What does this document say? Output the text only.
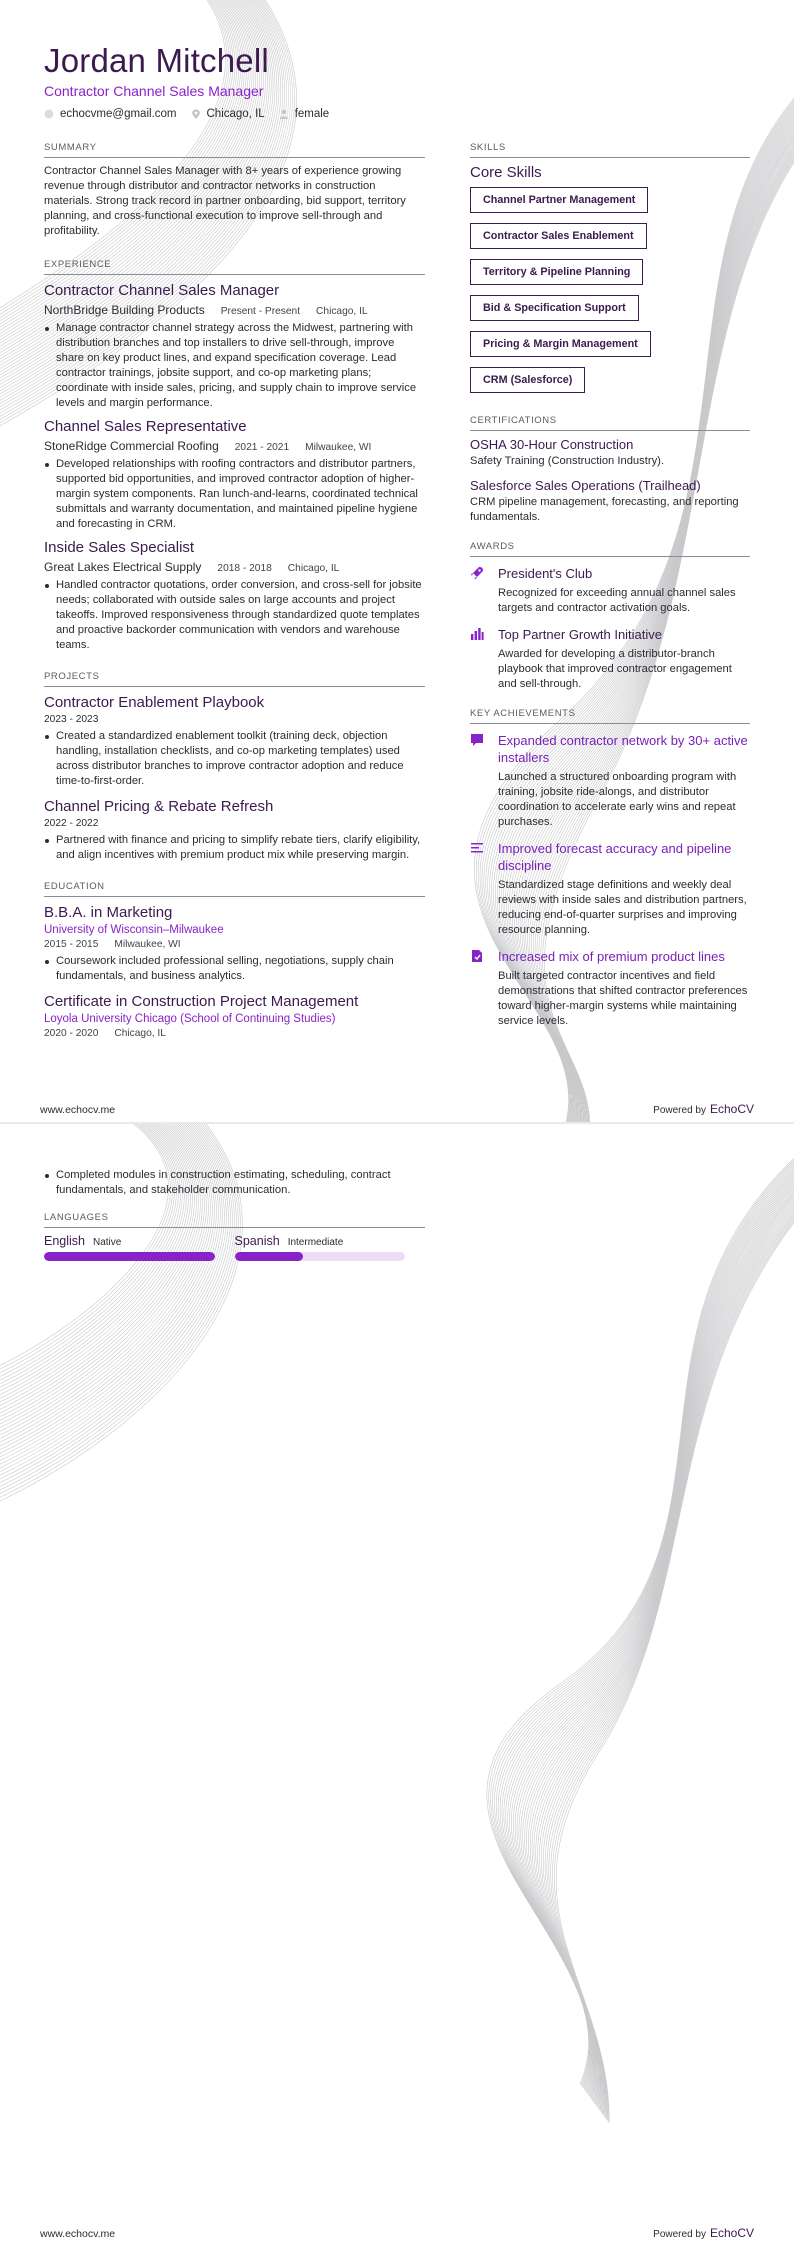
Jordan Mitchell
Contractor Channel Sales Manager
echocvme@gmail.com	Chicago, IL	female
SUMMARY
Contractor Channel Sales Manager with 8+ years of experience growing revenue through distributor and contractor networks in construction materials. Strong track record in partner onboarding, bid support, territory planning, and cross-functional execution to improve sell-through and profitability.
EXPERIENCE
Contractor Channel Sales Manager
NorthBridge Building Products Present - Present Chicago, IL
Manage contractor channel strategy across the Midwest, partnering with distribution branches and top installers to drive sell-through, improve share on key product lines, and expand specification coverage. Lead contractor trainings, jobsite support, and co-op marketing plans; coordinate with inside sales, pricing, and supply chain to improve service levels and margin performance.
Channel Sales Representative
StoneRidge Commercial Roofing 2021 - 2021 Milwaukee, WI
Developed relationships with roofing contractors and distributor partners, supported bid opportunities, and improved contractor adoption of higher-margin system components. Ran lunch-and-learns, coordinated technical submittals and warranty documentation, and maintained pipeline hygiene and forecasting in CRM.
Inside Sales Specialist
Great Lakes Electrical Supply 2018 - 2018 Chicago, IL
Handled contractor quotations, order conversion, and cross-sell for jobsite needs; collaborated with outside sales on large accounts and project takeoffs. Improved responsiveness through standardized quote templates and proactive backorder communication with vendors and warehouse teams.
PROJECTS
Contractor Enablement Playbook
2023 - 2023
Created a standardized enablement toolkit (training deck, objection handling, installation checklists, and co-op marketing templates) used across distributor branches to improve contractor adoption and reduce time-to-first-order.
Channel Pricing & Rebate Refresh
2022 - 2022
Partnered with finance and pricing to simplify rebate tiers, clarify eligibility, and align incentives with premium product mix while preserving margin.
EDUCATION
B.B.A. in Marketing
University of Wisconsin–Milwaukee
2015 - 2015 Milwaukee, WI
Coursework included professional selling, negotiations, supply chain fundamentals, and business analytics.
Certificate in Construction Project Management
Loyola University Chicago (School of Continuing Studies)
2020 - 2020 Chicago, IL
SKILLS
Core Skills
Channel Partner Management
Contractor Sales Enablement
Territory & Pipeline Planning
Bid & Specification Support
Pricing & Margin Management
CRM (Salesforce)
CERTIFICATIONS
OSHA 30-Hour Construction
Safety Training (Construction Industry).
Salesforce Sales Operations (Trailhead)
CRM pipeline management, forecasting, and reporting fundamentals.
AWARDS
President's Club
Recognized for exceeding annual channel sales targets and contractor activation goals.
Top Partner Growth Initiative
Awarded for developing a distributor-branch playbook that improved contractor engagement and sell-through.
KEY ACHIEVEMENTS
Expanded contractor network by 30+ active installers
Launched a structured onboarding program with training, jobsite ride-alongs, and distributor coordination to accelerate early wins and repeat purchases.
Improved forecast accuracy and pipeline discipline
Standardized stage definitions and weekly deal reviews with inside sales and distribution partners, reducing end-of-quarter surprises and improving resource planning.
Increased mix of premium product lines
Built targeted contractor incentives and field demonstrations that shifted contractor preferences toward higher-margin systems while maintaining service levels.
www.echocv.me	Powered by EchoCV
Completed modules in construction estimating, scheduling, contract fundamentals, and stakeholder communication.
LANGUAGES
English Native	Spanish Intermediate
www.echocv.me	Powered by EchoCV
